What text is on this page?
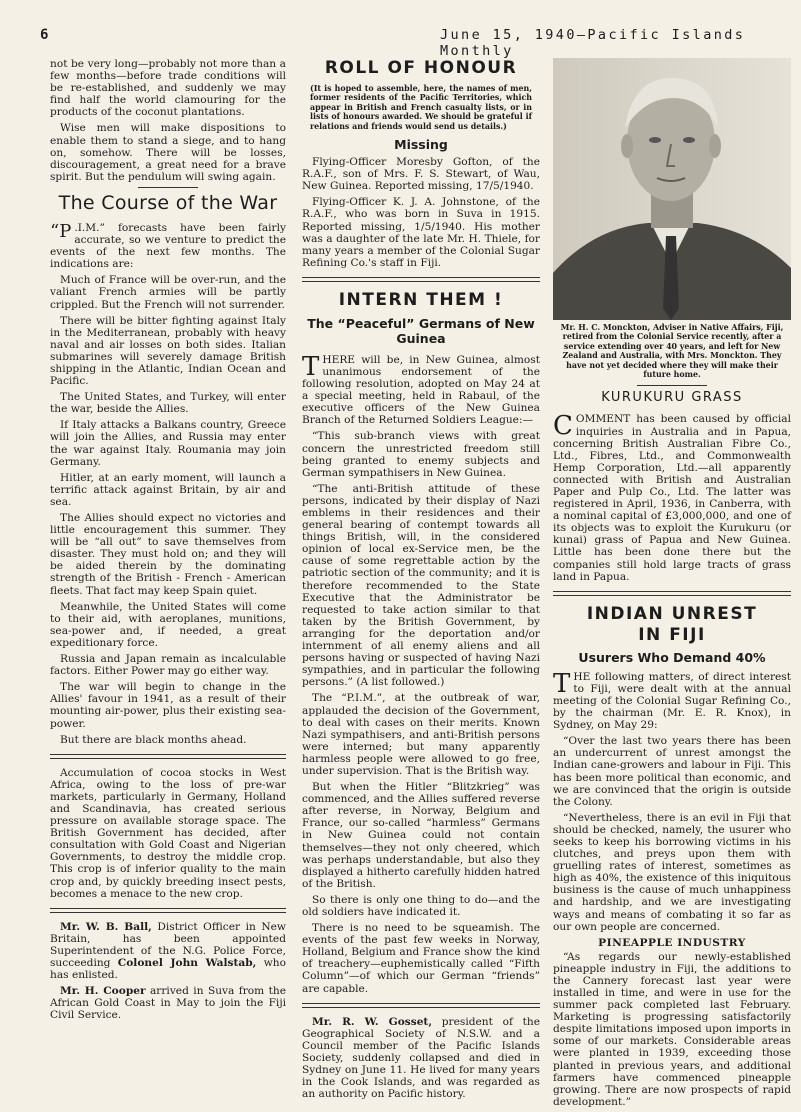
6	June 15, 1940—Pacific Islands Monthly

not be very long—probably not more than a few months—before trade conditions will be re-established, and suddenly we may find half the world clamouring for the products of the coconut plantations.

Wise men will make dispositions to enable them to stand a siege, and to hang on, somehow. There will be losses, discouragement, a great need for a brave spirit. But the pendulum will swing again.

The Course of the War

“P .I.M.” forecasts have been fairly accurate, so we venture to predict the events of the next few months. The indications are:

Much of France will be over-run, and the valiant French armies will be partly crippled. But the French will not surrender.

There will be bitter fighting against Italy in the Mediterranean, probably with heavy naval and air losses on both sides. Italian submarines will severely damage British shipping in the Atlantic, Indian Ocean and Pacific.

The United States, and Turkey, will enter the war, beside the Allies.

If Italy attacks a Balkans country, Greece will join the Allies, and Russia may enter the war against Italy. Roumania may join Germany.

Hitler, at an early moment, will launch a terrific attack against Britain, by air and sea.

The Allies should expect no victories and little encouragement this summer. They will be “all out” to save themselves from disaster. They must hold on; and they will be aided therein by the dominating strength of the British - French - American fleets. That fact may keep Spain quiet.

Meanwhile, the United States will come to their aid, with aeroplanes, munitions, sea-power and, if needed, a great expeditionary force.

Russia and Japan remain as incalculable factors. Either Power may go either way.

The war will begin to change in the Allies' favour in 1941, as a result of their mounting air-power, plus their existing sea-power.

But there are black months ahead.

Accumulation of cocoa stocks in West Africa, owing to the loss of pre-war markets, particularly in Germany, Holland and Scandinavia, has created serious pressure on available storage space. The British Government has decided, after consultation with Gold Coast and Nigerian Governments, to destroy the middle crop. This crop is of inferior quality to the main crop and, by quickly breeding insect pests, becomes a menace to the new crop.

Mr. W. B. Ball, District Officer in New Britain, has been appointed Superintendent of the N.G. Police Force, succeeding Colonel John Walstab, who has enlisted.

Mr. H. Cooper arrived in Suva from the African Gold Coast in May to join the Fiji Civil Service.

ROLL OF HONOUR

(It is hoped to assemble, here, the names of men, former residents of the Pacific Territories, which appear in British and French casualty lists, or in lists of honours awarded. We should be grateful if relations and friends would send us details.)

Missing

Flying-Officer Moresby Gofton, of the R.A.F., son of Mrs. F. S. Stewart, of Wau, New Guinea. Reported missing, 17/5/1940.

Flying-Officer K. J. A. Johnstone, of the R.A.F., who was born in Suva in 1915. Reported missing, 1/5/1940. His mother was a daughter of the late Mr. H. Thiele, for many years a member of the Colonial Sugar Refining Co.'s staff in Fiji.

INTERN THEM !
The “Peaceful” Germans of New Guinea

THERE will be, in New Guinea, almost unanimous endorsement of the following resolution, adopted on May 24 at a special meeting, held in Rabaul, of the executive officers of the New Guinea Branch of the Returned Soldiers League:—

“This sub-branch views with great concern the unrestricted freedom still being granted to enemy subjects and German sympathisers in New Guinea.

“The anti-British attitude of these persons, indicated by their display of Nazi emblems in their residences and their general bearing of contempt towards all things British, will, in the considered opinion of local ex-Service men, be the cause of some regrettable action by the patriotic section of the community; and it is therefore recommended to the State Executive that the Administrator be requested to take action similar to that taken by the British Government, by arranging for the deportation and/or internment of all enemy aliens and all persons having or suspected of having Nazi sympathies, and in particular the following persons.” (A list followed.)

The “P.I.M.”, at the outbreak of war, applauded the decision of the Government, to deal with cases on their merits. Known Nazi sympathisers, and anti-British persons were interned; but many apparently harmless people were allowed to go free, under supervision. That is the British way.

But when the Hitler “Blitzkrieg” was commenced, and the Allies suffered reverse after reverse, in Norway, Belgium and France, our so-called “harmless” Germans in New Guinea could not contain themselves—they not only cheered, which was perhaps understandable, but also they displayed a hitherto carefully hidden hatred of the British.

So there is only one thing to do—and the old soldiers have indicated it.

There is no need to be squeamish. The events of the past few weeks in Norway, Holland, Belgium and France show the kind of treachery—euphemistically called “Fifth Column”—of which our German “friends” are capable.

Mr. R. W. Gosset, president of the Geographical Society of N.S.W. and a Council member of the Pacific Islands Society, suddenly collapsed and died in Sydney on June 11. He lived for many years in the Cook Islands, and was regarded as an authority on Pacific history.

Mr. H. C. Monckton, Adviser in Native Affairs, Fiji, retired from the Colonial Service recently, after a service extending over 40 years, and left for New Zealand and Australia, with Mrs. Monckton. They have not yet decided where they will make their future home.
KURUKURU GRASS

COMMENT has been caused by official inquiries in Australia and in Papua, concerning British Australian Fibre Co., Ltd., Fibres, Ltd., and Commonwealth Hemp Corporation, Ltd.—all apparently connected with British and Australian Paper and Pulp Co., Ltd. The latter was registered in April, 1936, in Canberra, with a nominal capital of £3,000,000, and one of its objects was to exploit the Kurukuru (or kunai) grass of Papua and New Guinea. Little has been done there but the companies still hold large tracts of grass land in Papua.

INDIAN UNREST
IN FIJI
Usurers Who Demand 40%

THE following matters, of direct interest to Fiji, were dealt with at the annual meeting of the Colonial Sugar Refining Co., by the chairman (Mr. E. R. Knox), in Sydney, on May 29:

“Over the last two years there has been an undercurrent of unrest amongst the Indian cane-growers and labour in Fiji. This has been more political than economic, and we are convinced that the origin is outside the Colony.

“Nevertheless, there is an evil in Fiji that should be checked, namely, the usurer who seeks to keep his borrowing victims in his clutches, and preys upon them with gruelling rates of interest, sometimes as high as 40%, the existence of this iniquitous business is the cause of much unhappiness and hardship, and we are investigating ways and means of combating it so far as our own people are concerned.

PINEAPPLE INDUSTRY

“As regards our newly-established pineapple industry in Fiji, the additions to the Cannery forecast last year were installed in time, and were in use for the summer pack completed last February. Marketing is progressing satisfactorily despite limitations imposed upon imports in some of our markets. Considerable areas were planted in 1939, exceeding those planted in previous years, and additional farmers have commenced pineapple growing. There are now prospects of rapid development.”
